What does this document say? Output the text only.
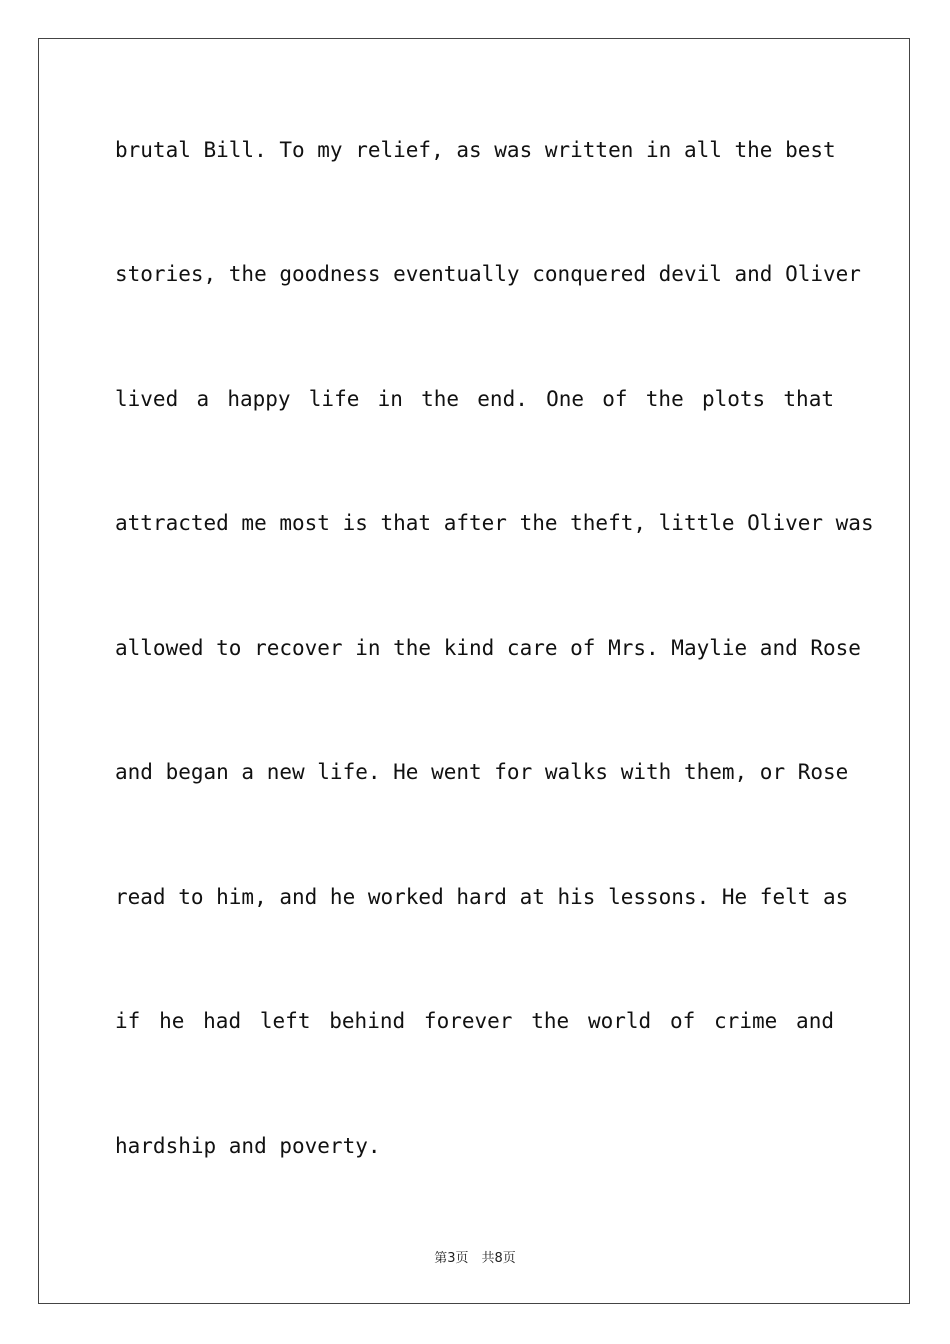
brutal Bill. To my relief, as was written in all the best
stories, the goodness eventually conquered devil and Oliver
lived a happy life in the end. One of the plots that
attracted me most is that after the theft, little Oliver was
allowed to recover in the kind care of Mrs. Maylie and Rose
and began a new life. He went for walks with them, or Rose
read to him, and he worked hard at his lessons. He felt as
if he had left behind forever the world of crime and
hardship and poverty.
第3页　共8页
